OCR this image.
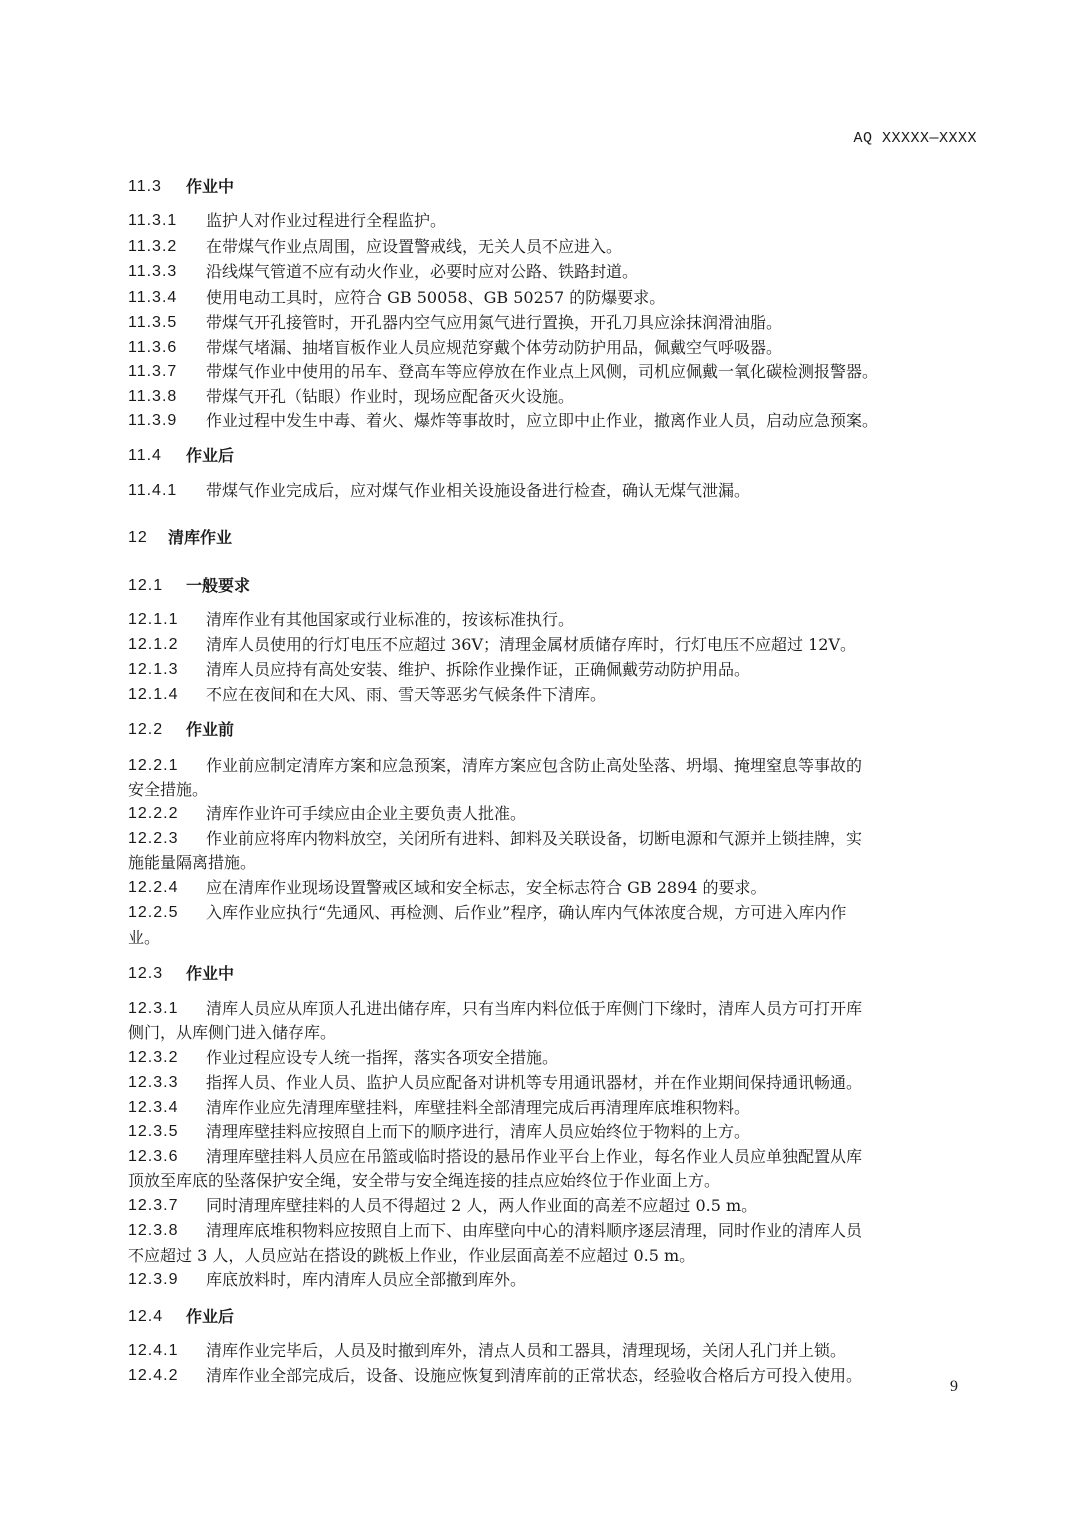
AQ XXXXX—XXXX
11.3 作业中
11.3.1 监护人对作业过程进行全程监护。
11.3.2 在带煤气作业点周围，应设置警戒线，无关人员不应进入。
11.3.3 沿线煤气管道不应有动火作业，必要时应对公路、铁路封道。
11.3.4 使用电动工具时，应符合 GB 50058、GB 50257 的防爆要求。
11.3.5 带煤气开孔接管时，开孔器内空气应用氮气进行置换，开孔刀具应涂抹润滑油脂。
11.3.6 带煤气堵漏、抽堵盲板作业人员应规范穿戴个体劳动防护用品，佩戴空气呼吸器。
11.3.7 带煤气作业中使用的吊车、登高车等应停放在作业点上风侧，司机应佩戴一氧化碳检测报警器。
11.3.8 带煤气开孔（钻眼）作业时，现场应配备灭火设施。
11.3.9 作业过程中发生中毒、着火、爆炸等事故时，应立即中止作业，撤离作业人员，启动应急预案。
11.4 作业后
11.4.1 带煤气作业完成后，应对煤气作业相关设施设备进行检查，确认无煤气泄漏。
12 清库作业
12.1 一般要求
12.1.1 清库作业有其他国家或行业标准的，按该标准执行。
12.1.2 清库人员使用的行灯电压不应超过 36V；清理金属材质储存库时，行灯电压不应超过 12V。
12.1.3 清库人员应持有高处安装、维护、拆除作业操作证，正确佩戴劳动防护用品。
12.1.4 不应在夜间和在大风、雨、雪天等恶劣气候条件下清库。
12.2 作业前
12.2.1 作业前应制定清库方案和应急预案，清库方案应包含防止高处坠落、坍塌、掩埋窒息等事故的
安全措施。
12.2.2 清库作业许可手续应由企业主要负责人批准。
12.2.3 作业前应将库内物料放空，关闭所有进料、卸料及关联设备，切断电源和气源并上锁挂牌，实
施能量隔离措施。
12.2.4 应在清库作业现场设置警戒区域和安全标志，安全标志符合 GB 2894 的要求。
12.2.5 入库作业应执行“先通风、再检测、后作业”程序，确认库内气体浓度合规，方可进入库内作
业。
12.3 作业中
12.3.1 清库人员应从库顶人孔进出储存库，只有当库内料位低于库侧门下缘时，清库人员方可打开库
侧门，从库侧门进入储存库。
12.3.2 作业过程应设专人统一指挥，落实各项安全措施。
12.3.3 指挥人员、作业人员、监护人员应配备对讲机等专用通讯器材，并在作业期间保持通讯畅通。
12.3.4 清库作业应先清理库壁挂料，库壁挂料全部清理完成后再清理库底堆积物料。
12.3.5 清理库壁挂料应按照自上而下的顺序进行，清库人员应始终位于物料的上方。
12.3.6 清理库壁挂料人员应在吊篮或临时搭设的悬吊作业平台上作业，每名作业人员应单独配置从库
顶放至库底的坠落保护安全绳，安全带与安全绳连接的挂点应始终位于作业面上方。
12.3.7 同时清理库壁挂料的人员不得超过 2 人，两人作业面的高差不应超过 0.5 m。
12.3.8 清理库底堆积物料应按照自上而下、由库壁向中心的清料顺序逐层清理，同时作业的清库人员
不应超过 3 人，人员应站在搭设的跳板上作业，作业层面高差不应超过 0.5 m。
12.3.9 库底放料时，库内清库人员应全部撤到库外。
12.4 作业后
12.4.1 清库作业完毕后，人员及时撤到库外，清点人员和工器具，清理现场，关闭人孔门并上锁。
12.4.2 清库作业全部完成后，设备、设施应恢复到清库前的正常状态，经验收合格后方可投入使用。
9
